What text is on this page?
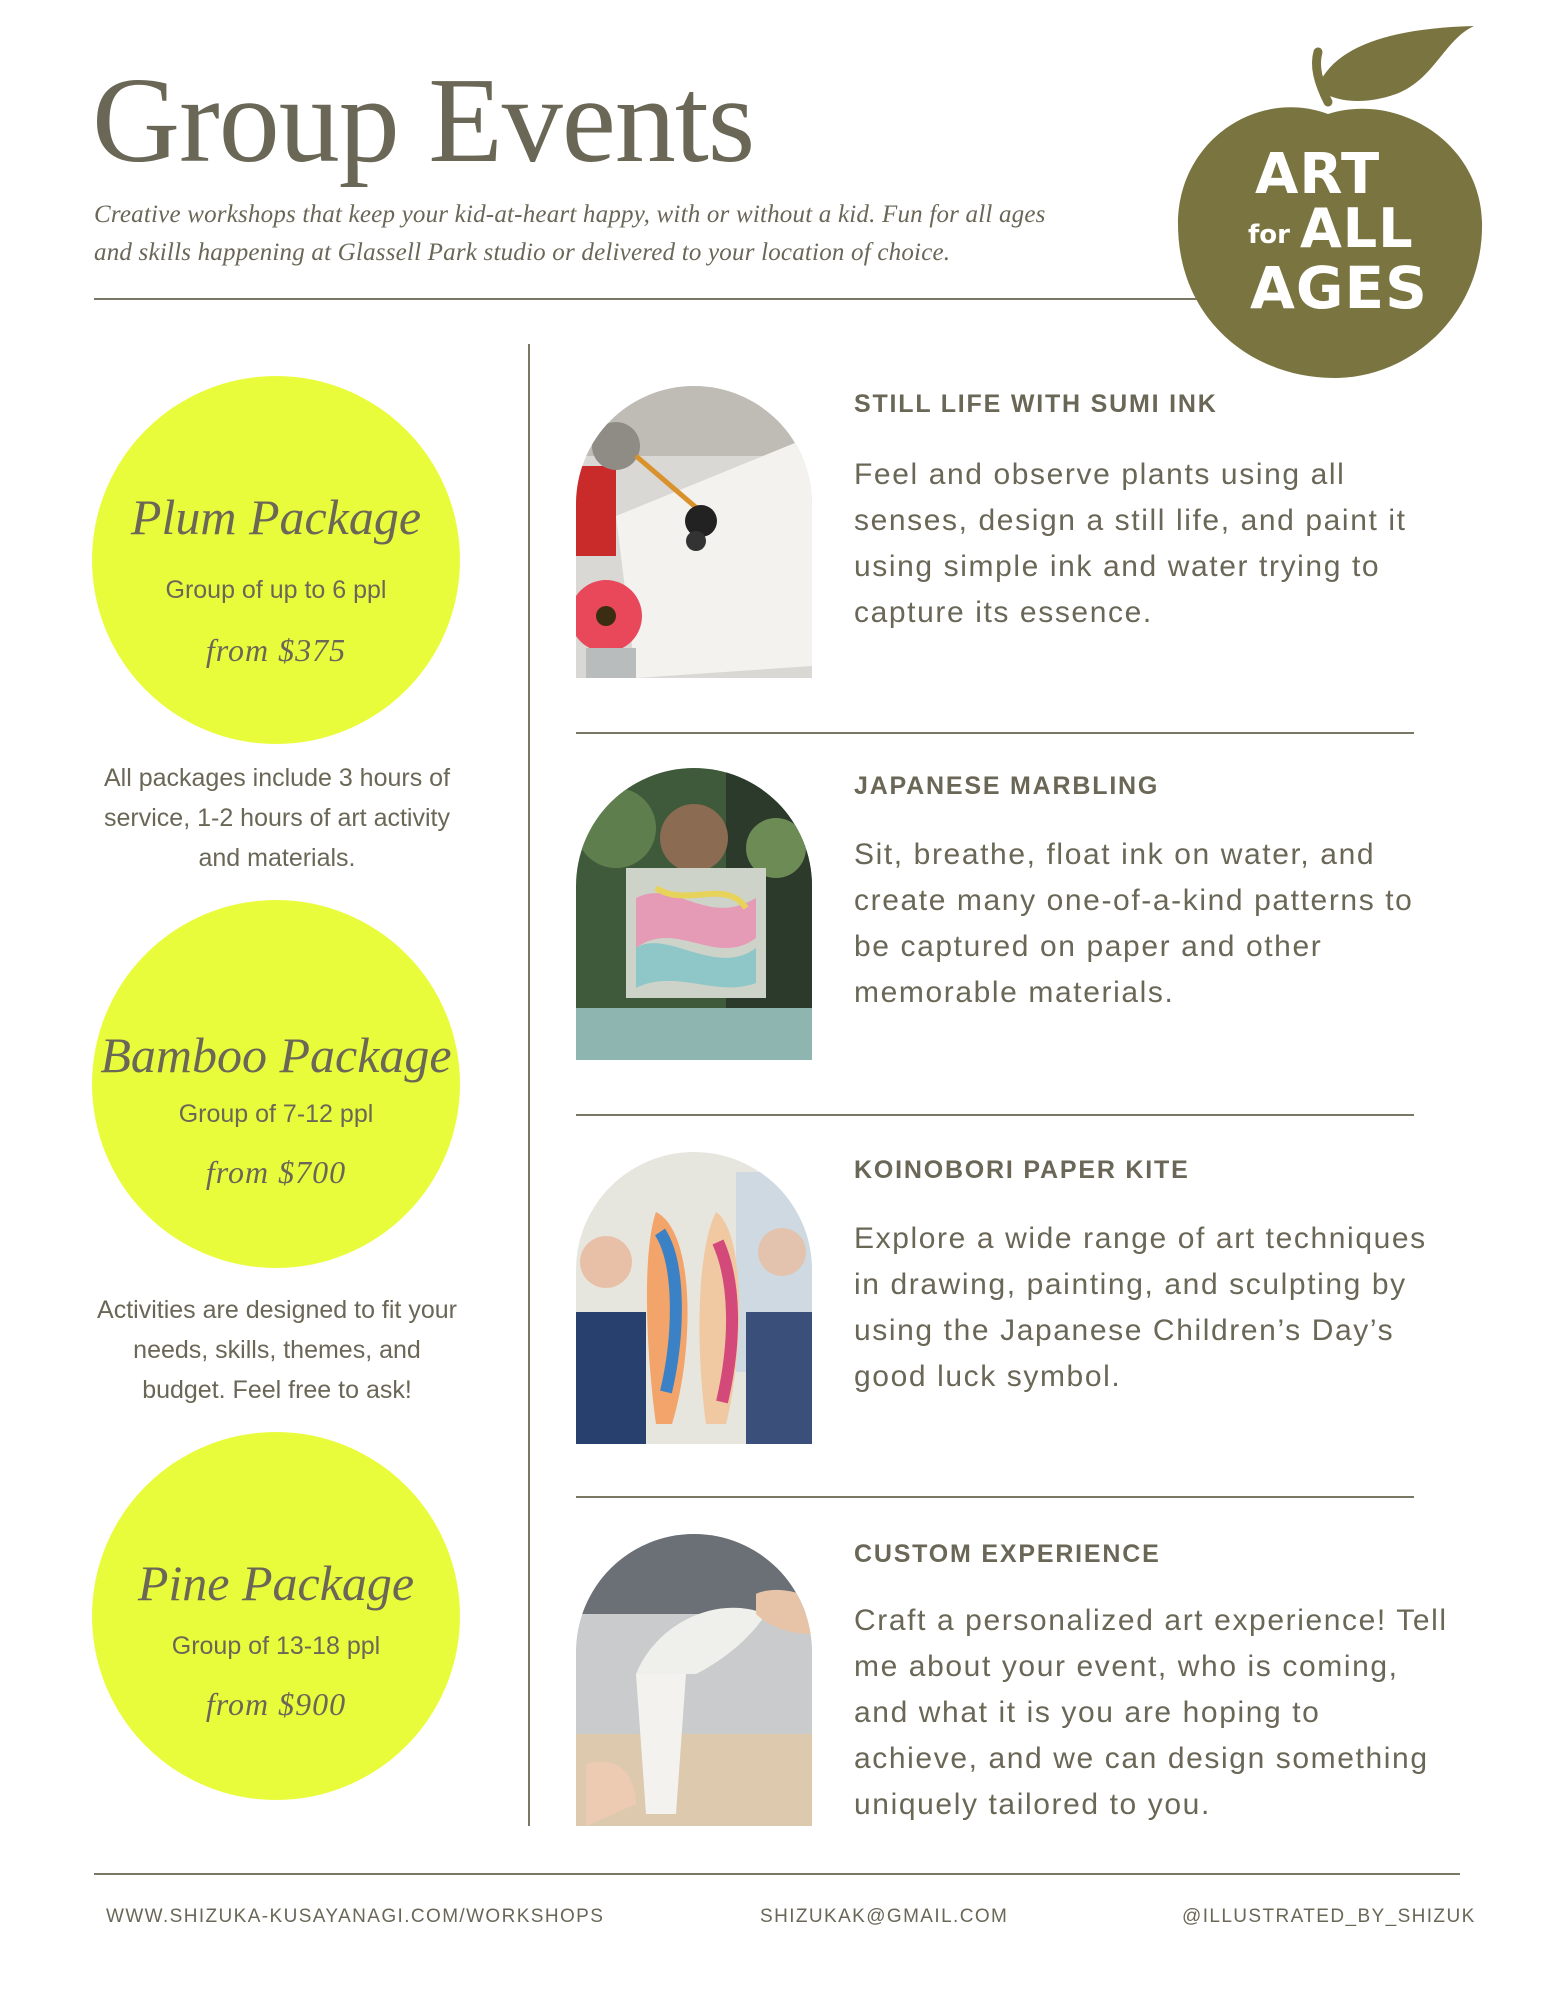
Group Events

Creative workshops that keep your kid-at-heart happy, with or without a kid. Fun for all ages and skills happening at Glassell Park studio or delivered to your location of choice.

ART
for ALL
AGES
Plum Package
Group of up to 6 ppl
from $375

All packages include 3 hours of service, 1-2 hours of art activity and materials.

Bamboo Package
Group of 7-12 ppl
from $700

Activities are designed to fit your needs, skills, themes, and budget. Feel free to ask!

Pine Package
Group of 13-18 ppl
from $900
STILL LIFE WITH SUMI INK

Feel and observe plants using all senses, design a still life, and paint it using simple ink and water trying to capture its essence.

JAPANESE MARBLING

Sit, breathe, float ink on water, and create many one-of-a-kind patterns to be captured on paper and other memorable materials.

KOINOBORI PAPER KITE

Explore a wide range of art techniques in drawing, painting, and sculpting by using the Japanese Children’s Day’s good luck symbol.

CUSTOM EXPERIENCE

Craft a personalized art experience! Tell me about your event, who is coming, and what it is you are hoping to achieve, and we can design something uniquely tailored to you.

WWW.SHIZUKA-KUSAYANAGI.COM/WORKSHOPS	SHIZUKAK@GMAIL.COM	@ILLUSTRATED_BY_SHIZUK
